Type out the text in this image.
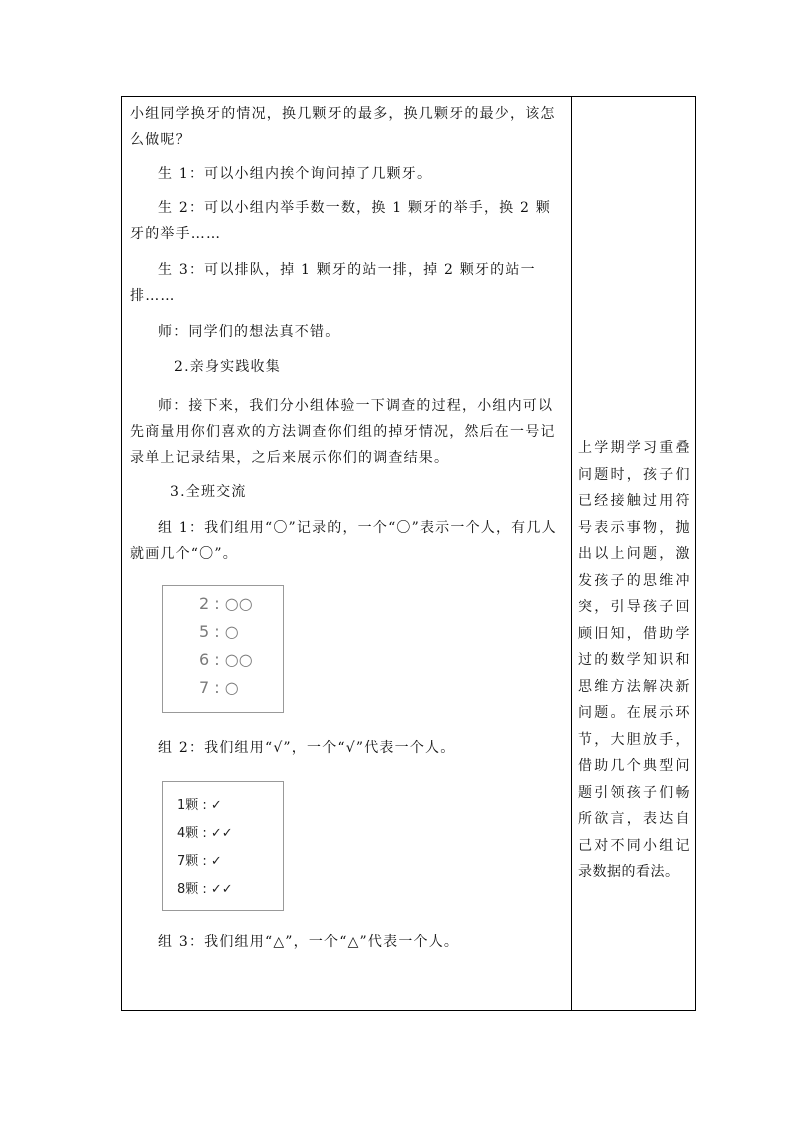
小组同学换牙的情况，换几颗牙的最多，换几颗牙的最少，该怎么做呢？

生 1：可以小组内挨个询问掉了几颗牙。

生 2：可以小组内举手数一数，换 1 颗牙的举手，换 2 颗牙的举手……

生 3：可以排队，掉 1 颗牙的站一排，掉 2 颗牙的站一排……

师：同学们的想法真不错。

2.亲身实践收集

师：接下来，我们分小组体验一下调查的过程，小组内可以先商量用你们喜欢的方法调查你们组的掉牙情况，然后在一号记录单上记录结果，之后来展示你们的调查结果。

3.全班交流

组 1：我们组用“〇”记录的，一个“〇”表示一个人，有几人就画几个“〇”。

2 : ○○
5 : ○
6 : ○○
7 : ○

组 2：我们组用“√”，一个“√”代表一个人。

1颗 : ✓
4颗 : ✓✓
7颗 : ✓
8颗 : ✓✓

组 3：我们组用“△”，一个“△”代表一个人。

上学期学习重叠问题时，孩子们已经接触过用符号表示事物，抛出以上问题，激发孩子的思维冲突，引导孩子回顾旧知，借助学过的数学知识和思维方法解决新问题。在展示环节，大胆放手，借助几个典型问题引领孩子们畅所欲言，表达自己对不同小组记录数据的看法。
